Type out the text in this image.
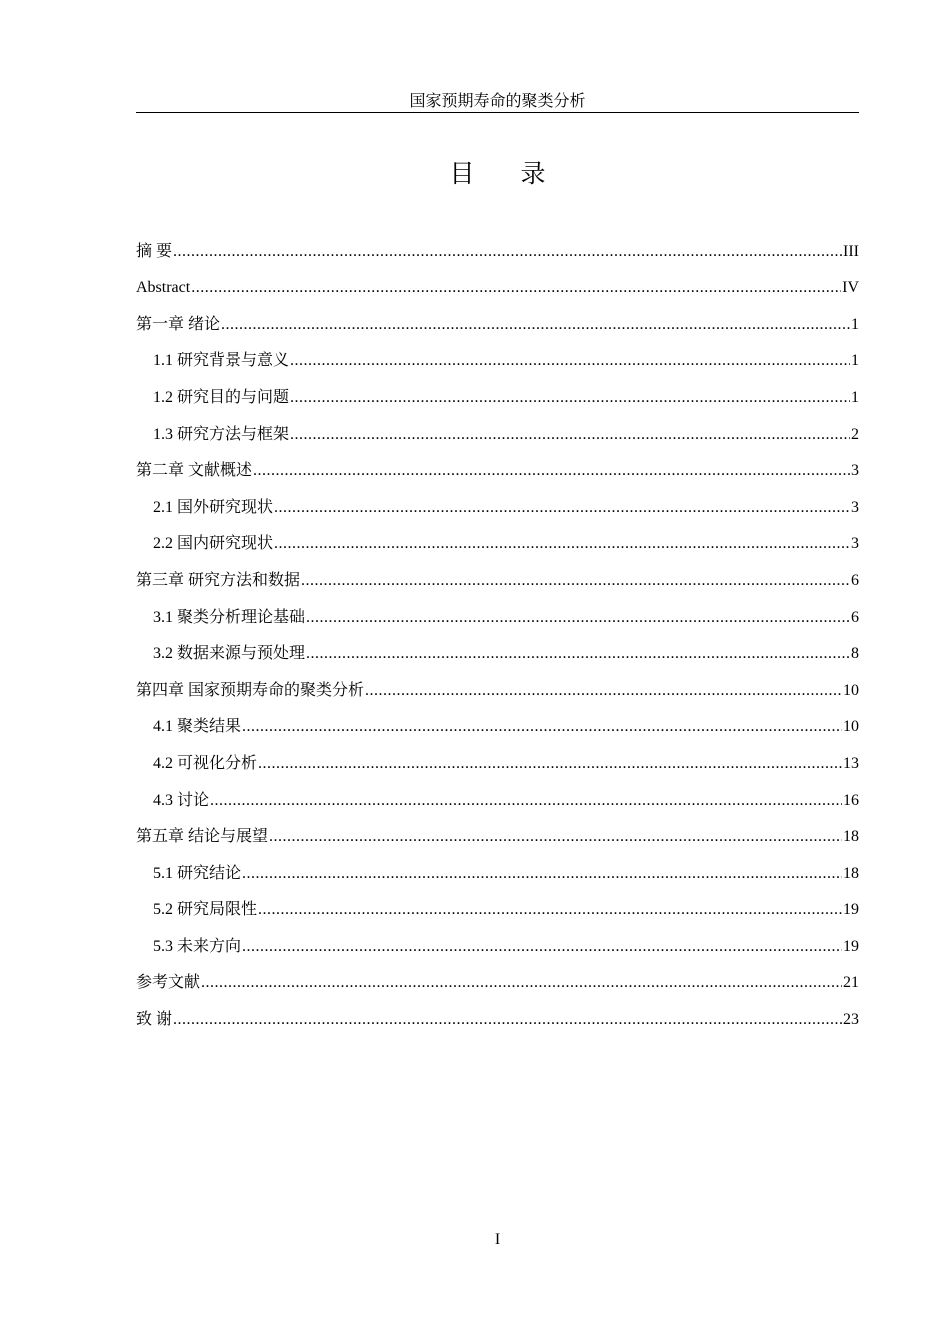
国家预期寿命的聚类分析
目 录
摘 要 .....	III
Abstract .....	IV
第一章 绪论 .....	1
1.1 研究背景与意义 .....	1
1.2 研究目的与问题 .....	1
1.3 研究方法与框架 .....	2
第二章 文献概述 .....	3
2.1 国外研究现状 .....	3
2.2 国内研究现状 .....	3
第三章 研究方法和数据 .....	6
3.1 聚类分析理论基础 .....	6
3.2 数据来源与预处理 .....	8
第四章 国家预期寿命的聚类分析 .....	10
4.1 聚类结果 .....	10
4.2 可视化分析 .....	13
4.3 讨论 .....	16
第五章 结论与展望 .....	18
5.1 研究结论 .....	18
5.2 研究局限性 .....	19
5.3 未来方向 .....	19
参考文献 .....	21
致 谢 .....	23
I
